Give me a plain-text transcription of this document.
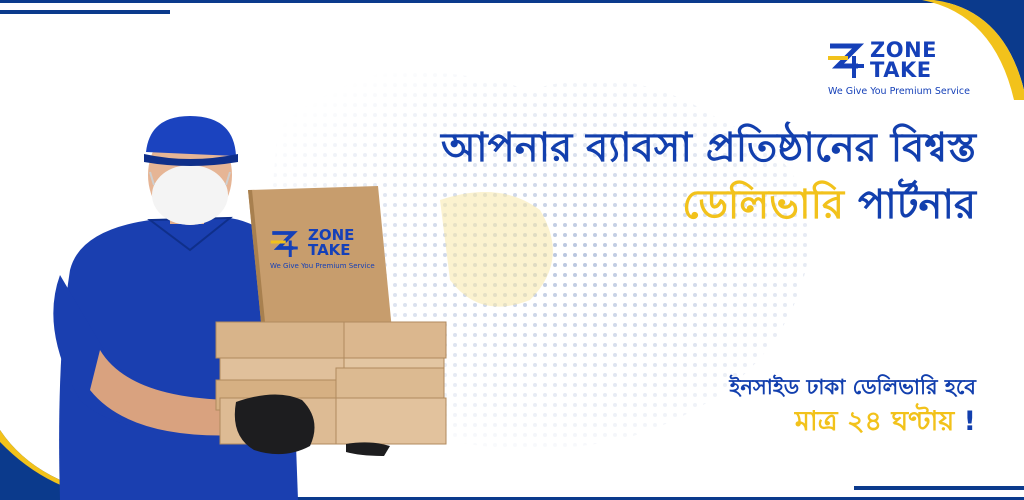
ZONE
TAKE
We Give You Premium Service
আপনার ব্যাবসা প্রতিষ্ঠানের বিশ্বস্ত
ডেলিভারি পার্টনার
ইনসাইড ঢাকা ডেলিভারি হবে
মাত্র ২৪ ঘণ্টায় !
ZONE
TAKE
We Give You Premium Service
